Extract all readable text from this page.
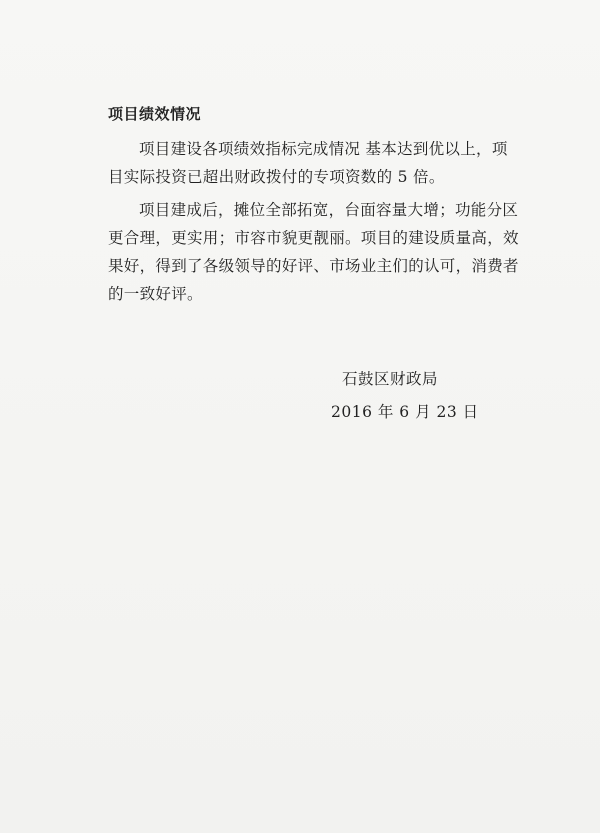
项目绩效情况
项目建设各项绩效指标完成情况 基本达到优以上，项
目实际投资已超出财政拨付的专项资数的 5 倍。
项目建成后，摊位全部拓宽，台面容量大增；功能分区
更合理，更实用；市容市貌更靓丽。项目的建设质量高，效
果好，得到了各级领导的好评、市场业主们的认可，消费者
的一致好评。
石鼓区财政局
2016 年 6 月 23 日
